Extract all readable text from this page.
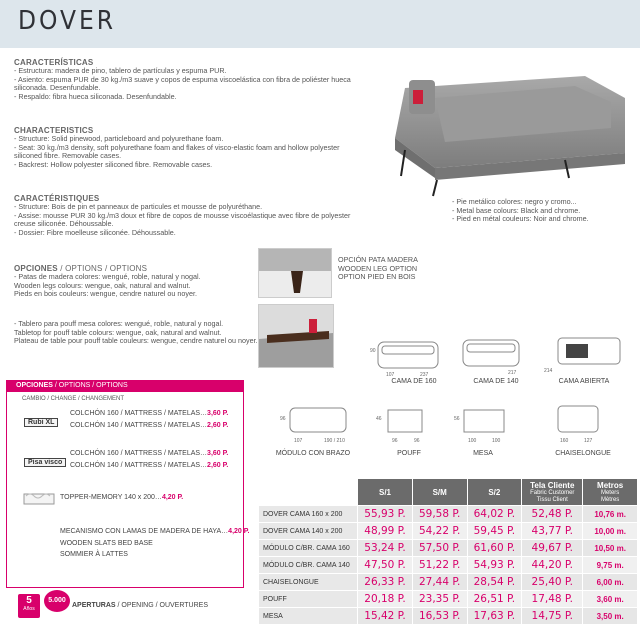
DOVER
CARACTERÍSTICAS
- Estructura: madera de pino, tablero de partículas y espuma PUR.
- Asiento: espuma PUR de 30 kg./m3 suave y copos de espuma viscoelástica con fibra de poliéster hueca
siliconada. Desenfundable.
- Respaldo: fibra hueca siliconada. Desenfundable.
CHARACTERISTICS
- Structure: Solid pinewood, particleboard and polyurethane foam.
- Seat: 30 kg./m3 density, soft polyurethane foam and flakes of visco-elastic foam and hollow polyester
siliconed fibre. Removable cases.
- Backrest: Hollow polyester siliconed fibre. Removable cases.
CARACTÉRISTIQUES
- Structure: Bois de pin et panneaux de particules et mousse de polyuréthane.
- Assise: mousse PUR 30 kg./m3 doux et fibre de copos de mousse viscoélastique avec fibre de polyester
creuse siliconée. Déhoussable.
- Dossier: Fibre moelleuse siliconée. Déhoussable.
- Pie metálico colores: negro y cromo...
- Metal base colours: Black and chrome.
- Pied en métal couleurs: Noir and chrome.
OPCIÓN PATA MADERA
WOODEN LEG OPTION
OPTION PIED EN BOIS
OPCIONES / OPTIONS / OPTIONS
- Patas de madera colores: wengué, roble, natural y nogal.
Wooden legs colours: wengue, oak, natural and walnut.
Pieds en bois couleurs: wengue, cendre naturel ou noyer.
- Tablero para pouff mesa colores: wengué, roble, natural y nogal.
Tabletop for pouff table colours: wengue, oak, natural and walnut.
Plateau de table pour pouff table couleurs: wengue, cendre naturel ou noyer.
90
107	237	217	214
CAMA DE 160	CAMA DE 140	CAMA ABIERTA
96
107	190 / 210
46
96	96
56
100	100	160	127
MÓDULO CON BRAZO	POUFF	MESA	CHAISELONGUE
OPCIONES / OPTIONS / OPTIONS
CAMBIO / CHANGE / CHANGEMENT
Rubi XL
COLCHÓN 160 / MATTRESS / MATELAS…3,60 P.
COLCHÓN 140 / MATTRESS / MATELAS…2,60 P.
Pisa visco
COLCHÓN 160 / MATTRESS / MATELAS…3,60 P.
COLCHÓN 140 / MATTRESS / MATELAS…2,60 P.
TOPPER-MEMORY 140 x 200…4,20 P.
MECANISMO CON LAMAS DE MADERA DE HAYA…4,20 P.
WOODEN SLATS BED BASE
SOMMIER À LATTES
	S/1	S/M	S/2	Tela Cliente
Fabric Customer
Tissu Client	Metros
Meters
Mètres

DOVER CAMA 160 x 200	55,93 P.	59,58 P.	64,02 P.	52,48 P.	10,76 m.
DOVER CAMA 140 x 200	48,99 P.	54,22 P.	59,45 P.	43,77 P.	10,00 m.
MÓDULO C/BR. CAMA 160	53,24 P.	57,50 P.	61,60 P.	49,67 P.	10,50 m.
MÓDULO C/BR. CAMA 140	47,50 P.	51,22 P.	54,93 P.	44,20 P.	9,75 m.
CHAISELONGUE	26,33 P.	27,44 P.	28,54 P.	25,40 P.	6,00 m.
POUFF	20,18 P.	23,35 P.	26,51 P.	17,48 P.	3,60 m.
MESA	15,42 P.	16,53 P.	17,63 P.	14,75 P.	3,50 m.
5
Años
5.000
APERTURAS / OPENING / OUVERTURES
